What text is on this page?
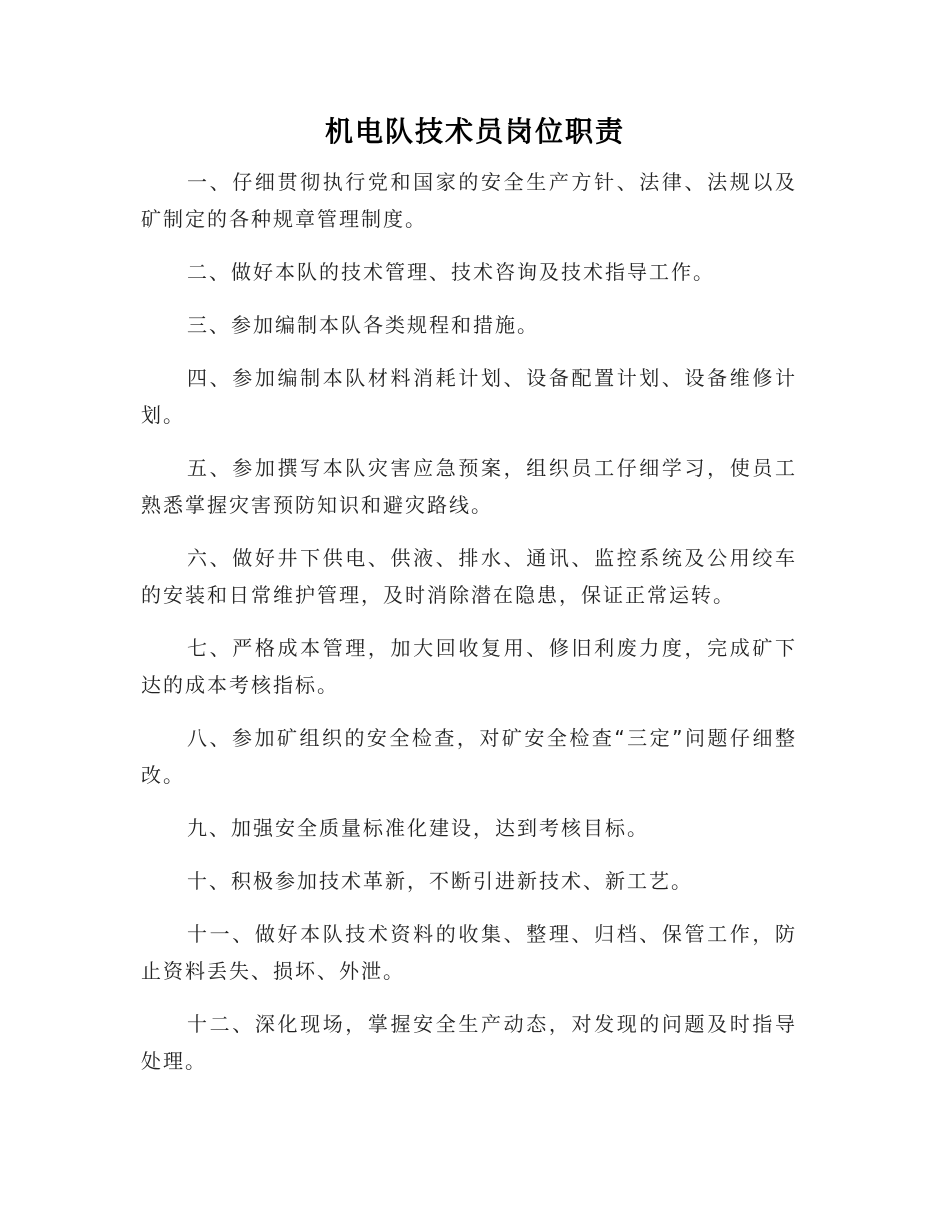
机电队技术员岗位职责

一、仔细贯彻执行党和国家的安全生产方针、法律、法规以及矿制定的各种规章管理制度。

二、做好本队的技术管理、技术咨询及技术指导工作。

三、参加编制本队各类规程和措施。

四、参加编制本队材料消耗计划、设备配置计划、设备维修计划。

五、参加撰写本队灾害应急预案，组织员工仔细学习，使员工熟悉掌握灾害预防知识和避灾路线。

六、做好井下供电、供液、排水、通讯、监控系统及公用绞车的安装和日常维护管理，及时消除潜在隐患，保证正常运转。

七、严格成本管理，加大回收复用、修旧利废力度，完成矿下达的成本考核指标。

八、参加矿组织的安全检查，对矿安全检查“三定”问题仔细整改。

九、加强安全质量标准化建设，达到考核目标。

十、积极参加技术革新，不断引进新技术、新工艺。

十一、做好本队技术资料的收集、整理、归档、保管工作，防止资料丢失、损坏、外泄。

十二、深化现场，掌握安全生产动态，对发现的问题及时指导处理。
